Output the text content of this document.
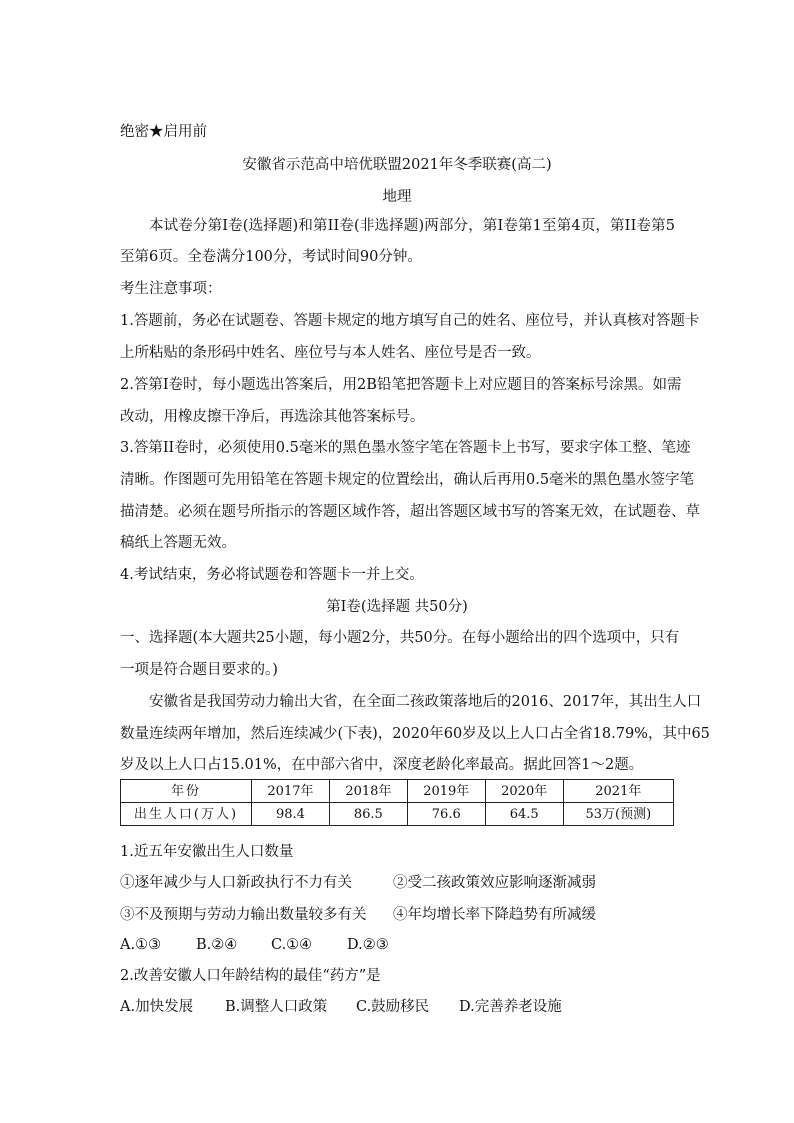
绝密★启用前
安徽省示范高中培优联盟2021年冬季联赛(高二)
地理
本试卷分第I卷(选择题)和第II卷(非选择题)两部分，第I卷第1至第4页，第II卷第5
至第6页。全卷满分100分，考试时间90分钟。
考生注意事项：
1.答题前，务必在试题卷、答题卡规定的地方填写自己的姓名、座位号，并认真核对答题卡
上所粘贴的条形码中姓名、座位号与本人姓名、座位号是否一致。
2.答第I卷时，每小题选出答案后，用2B铅笔把答题卡上对应题目的答案标号涂黑。如需
改动，用橡皮擦干净后，再选涂其他答案标号。
3.答第II卷时，必须使用0.5毫米的黑色墨水签字笔在答题卡上书写，要求字体工整、笔迹
清晰。作图题可先用铅笔在答题卡规定的位置绘出，确认后再用0.5毫米的黑色墨水签字笔
描清楚。必须在题号所指示的答题区域作答，超出答题区域书写的答案无效，在试题卷、草
稿纸上答题无效。
4.考试结束，务必将试题卷和答题卡一并上交。
第I卷(选择题 共50分)
一、选择题(本大题共25小题，每小题2分，共50分。在每小题给出的四个选项中，只有
一项是符合题目要求的。)
安徽省是我国劳动力输出大省，在全面二孩政策落地后的2016、2017年，其出生人口
数量连续两年增加，然后连续减少(下表)，2020年60岁及以上人口占全省18.79%，其中65
岁及以上人口占15.01%，在中部六省中，深度老龄化率最高。据此回答1～2题。
年份	2017年	2018年	2019年	2020年	2021年
出生人口(万人)	98.4	86.5	76.6	64.5	53万(预测)
1.近五年安徽出生人口数量
①逐年减少与人口新政执行不力有关	②受二孩政策效应影响逐渐减弱
③不及预期与劳动力输出数量较多有关 ④年均增长率下降趋势有所减缓
A.①③ B.②④ C.①④ D.②③
2.改善安徽人口年龄结构的最佳“药方”是
A.加快发展 B.调整人口政策 C.鼓励移民 D.完善养老设施
